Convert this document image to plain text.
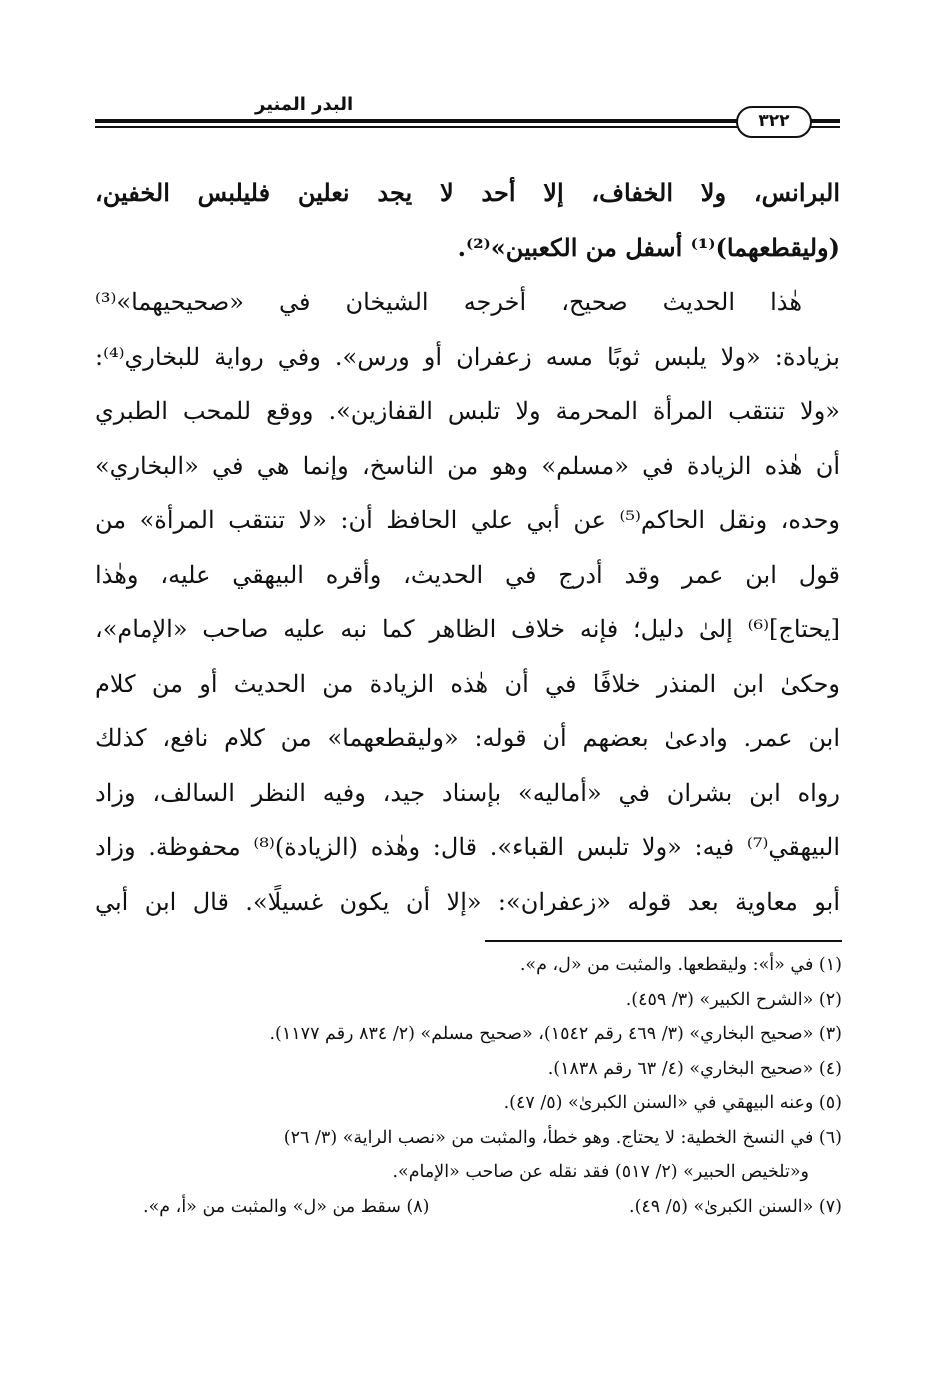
البدر المنير
٣٢٢
البرانس، ولا الخفاف، إلا أحد لا يجد نعلين فليلبس الخفين،
(وليقطعهما)⁽¹⁾ أسفل من الكعبين»⁽²⁾.
هٰذا الحديث صحيح، أخرجه الشيخان في «صحيحيهما»⁽³⁾
بزيادة: «ولا يلبس ثوبًا مسه زعفران أو ورس». وفي رواية للبخاري⁽⁴⁾:
«ولا تنتقب المرأة المحرمة ولا تلبس القفازين». ووقع للمحب الطبري
أن هٰذه الزيادة في «مسلم» وهو من الناسخ، وإنما هي في «البخاري»
وحده، ونقل الحاكم⁽⁵⁾ عن أبي علي الحافظ أن: «لا تنتقب المرأة» من
قول ابن عمر وقد أدرج في الحديث، وأقره البيهقي عليه، وهٰذا
[يحتاج]⁽⁶⁾ إلىٰ دليل؛ فإنه خلاف الظاهر كما نبه عليه صاحب «الإمام»،
وحكىٰ ابن المنذر خلافًا في أن هٰذه الزيادة من الحديث أو من كلام
ابن عمر. وادعىٰ بعضهم أن قوله: «وليقطعهما» من كلام نافع، كذلك
رواه ابن بشران في «أماليه» بإسناد جيد، وفيه النظر السالف، وزاد
البيهقي⁽⁷⁾ فيه: «ولا تلبس القباء». قال: وهٰذه (الزيادة)⁽⁸⁾ محفوظة. وزاد
أبو معاوية بعد قوله «زعفران»: «إلا أن يكون غسيلًا». قال ابن أبي
(١) في «أ»: وليقطعها. والمثبت من «ل، م».
(٢) «الشرح الكبير» (٣/ ٤٥٩).
(٣) «صحيح البخاري» (٣/ ٤٦٩ رقم ١٥٤٢)، «صحيح مسلم» (٢/ ٨٣٤ رقم ١١٧٧).
(٤) «صحيح البخاري» (٤/ ٦٣ رقم ١٨٣٨).
(٥) وعنه البيهقي في «السنن الكبرىٰ» (٥/ ٤٧).
(٦) في النسخ الخطية: لا يحتاج. وهو خطأ، والمثبت من «نصب الراية» (٣/ ٢٦)
و«تلخيص الحبير» (٢/ ٥١٧) فقد نقله عن صاحب «الإمام».
(٧) «السنن الكبرىٰ» (٥/ ٤٩).
(٨) سقط من «ل» والمثبت من «أ، م».
